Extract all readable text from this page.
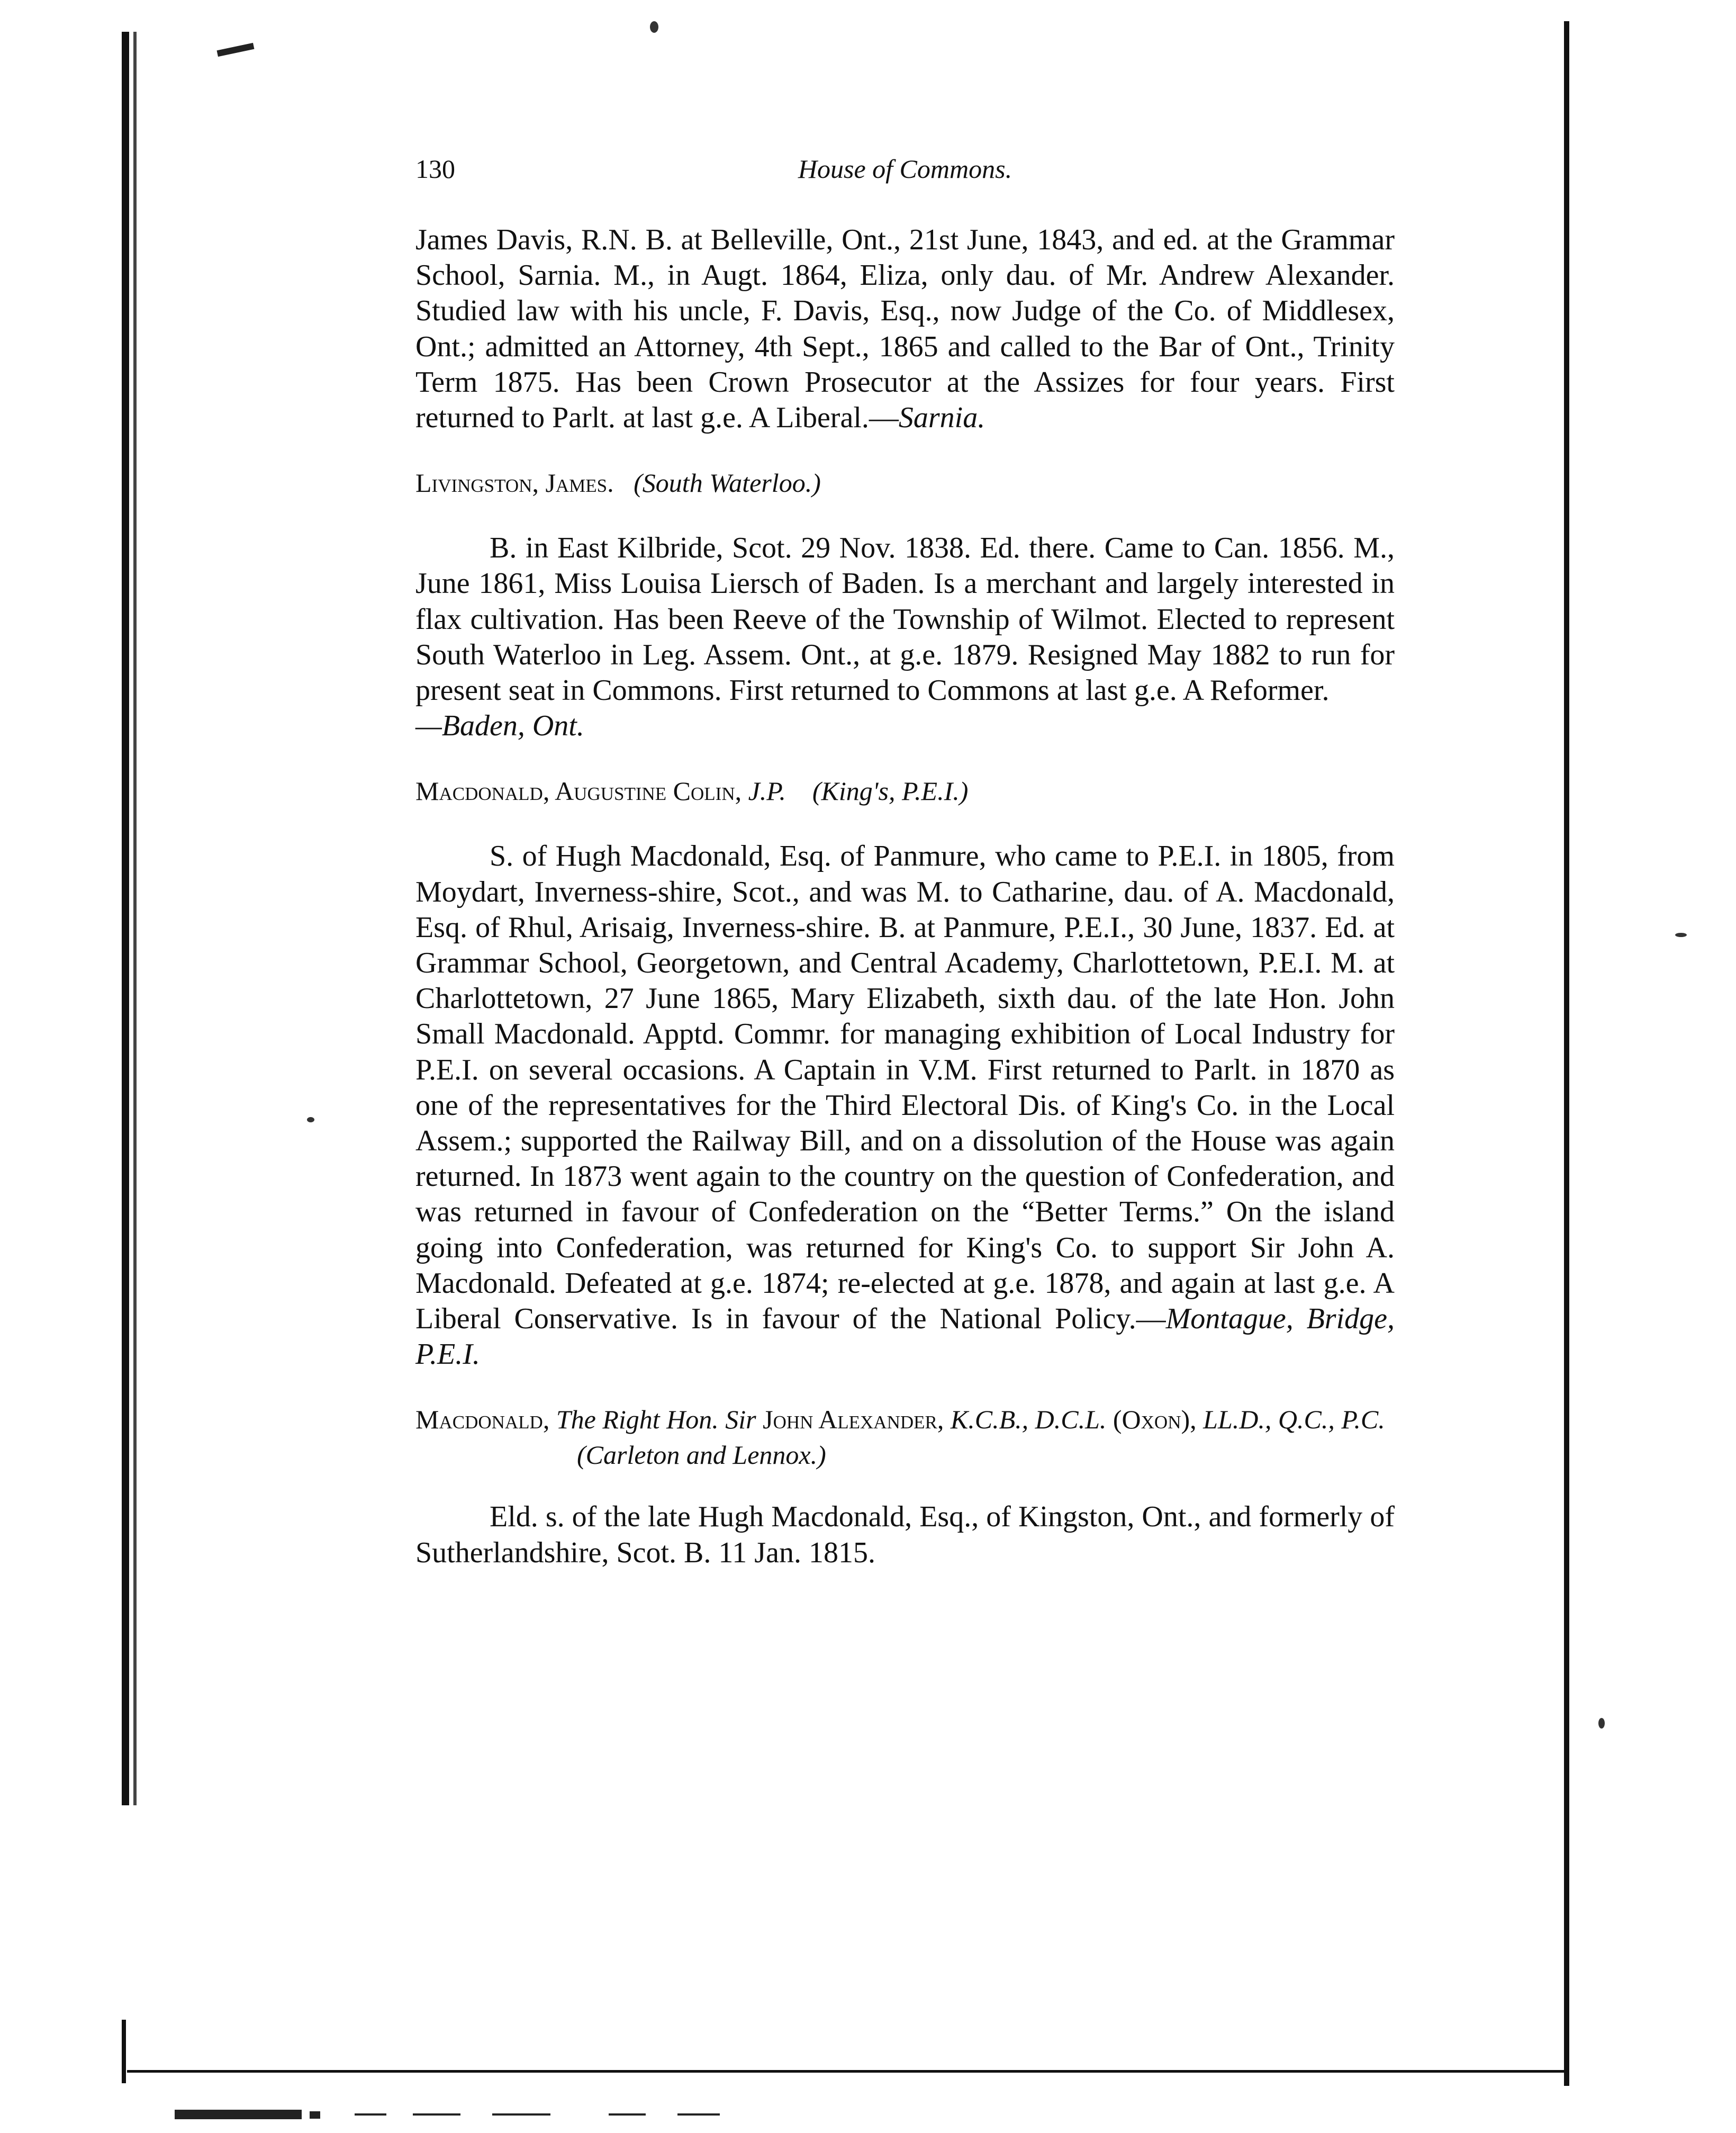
130	House of Commons.

James Davis, R.N. B. at Belleville, Ont., 21st June, 1843, and ed. at the Grammar School, Sarnia. M., in Augt. 1864, Eliza, only dau. of Mr. Andrew Alexander. Studied law with his uncle, F. Davis, Esq., now Judge of the Co. of Middlesex, Ont.; admitted an Attorney, 4th Sept., 1865 and called to the Bar of Ont., Trinity Term 1875. Has been Crown Prosecutor at the Assizes for four years. First returned to Parlt. at last g.e. A Liberal.—Sarnia.

Livingston, James. (South Waterloo.)

B. in East Kilbride, Scot. 29 Nov. 1838. Ed. there. Came to Can. 1856. M., June 1861, Miss Louisa Liersch of Baden. Is a merchant and largely interested in flax cultivation. Has been Reeve of the Township of Wilmot. Elected to represent South Waterloo in Leg. Assem. Ont., at g.e. 1879. Resigned May 1882 to run for present seat in Commons. First returned to Commons at last g.e. A Reformer.

—Baden, Ont.

Macdonald, Augustine Colin, J.P. (King's, P.E.I.)

S. of Hugh Macdonald, Esq. of Panmure, who came to P.E.I. in 1805, from Moydart, Inverness-shire, Scot., and was M. to Catharine, dau. of A. Macdonald, Esq. of Rhul, Arisaig, Inverness-shire. B. at Panmure, P.E.I., 30 June, 1837. Ed. at Grammar School, Georgetown, and Central Academy, Charlottetown, P.E.I. M. at Charlottetown, 27 June 1865, Mary Elizabeth, sixth dau. of the late Hon. John Small Macdonald. Apptd. Commr. for managing exhibition of Local Industry for P.E.I. on several occasions. A Captain in V.M. First returned to Parlt. in 1870 as one of the representatives for the Third Electoral Dis. of King's Co. in the Local Assem.; supported the Railway Bill, and on a dissolution of the House was again returned. In 1873 went again to the country on the question of Confederation, and was returned in favour of Confederation on the “Better Terms.” On the island going into Confederation, was returned for King's Co. to support Sir John A. Macdonald. Defeated at g.e. 1874; re-elected at g.e. 1878, and again at last g.e. A Liberal Conservative. Is in favour of the National Policy.—Montague, Bridge, P.E.I.

Macdonald, The Right Hon. Sir John Alexander, K.C.B., D.C.L. (Oxon), LL.D., Q.C., P.C.   (Carleton and Lennox.)

Eld. s. of the late Hugh Macdonald, Esq., of Kingston, Ont., and formerly of Sutherlandshire, Scot. B. 11 Jan. 1815.
